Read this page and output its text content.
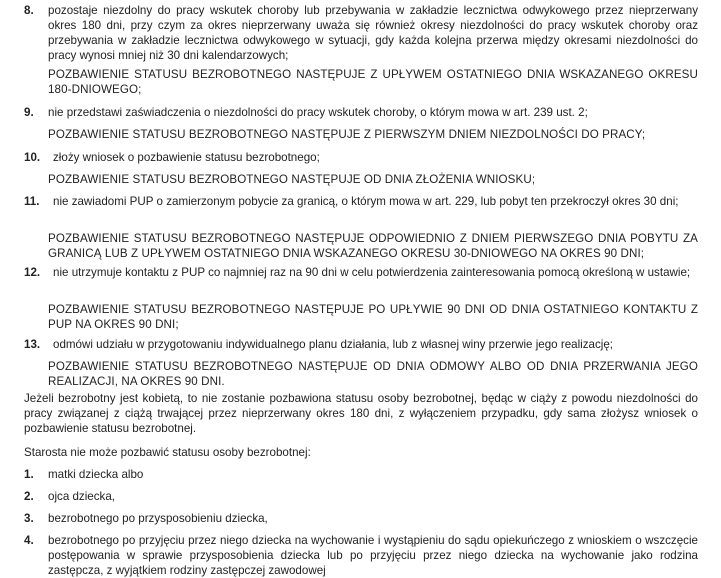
8. pozostaje niezdolny do pracy wskutek choroby lub przebywania w zakładzie lecznictwa odwykowego przez nieprzerwany okres 180 dni, przy czym za okres nieprzerwany uważa się również okresy niezdolności do pracy wskutek choroby oraz przebywania w zakładzie lecznictwa odwykowego w sytuacji, gdy każda kolejna przerwa między okresami niezdolności do pracy wynosi mniej niż 30 dni kalendarzowych;
POZBAWIENIE STATUSU BEZROBOTNEGO NASTĘPUJE Z UPŁYWEM OSTATNIEGO DNIA WSKAZANEGO OKRESU 180-DNIOWEGO;
9. nie przedstawi zaświadczenia o niezdolności do pracy wskutek choroby, o którym mowa w art. 239 ust. 2;
POZBAWIENIE STATUSU BEZROBOTNEGO NASTĘPUJE Z PIERWSZYM DNIEM NIEZDOLNOŚCI DO PRACY;
10. złoży wniosek o pozbawienie statusu bezrobotnego;
POZBAWIENIE STATUSU BEZROBOTNEGO NASTĘPUJE OD DNIA ZŁOŻENIA WNIOSKU;
11. nie zawiadomi PUP o zamierzonym pobycie za granicą, o którym mowa w art. 229, lub pobyt ten przekroczył okres 30 dni;
POZBAWIENIE STATUSU BEZROBOTNEGO NASTĘPUJE ODPOWIEDNIO Z DNIEM PIERWSZEGO DNIA POBYTU ZA GRANICĄ LUB Z UPŁYWEM OSTATNIEGO DNIA WSKAZANEGO OKRESU 30-DNIOWEGO NA OKRES 90 DNI;
12. nie utrzymuje kontaktu z PUP co najmniej raz na 90 dni w celu potwierdzenia zainteresowania pomocą określoną w ustawie;
POZBAWIENIE STATUSU BEZROBOTNEGO NASTĘPUJE PO UPŁYWIE 90 DNI OD DNIA OSTATNIEGO KONTAKTU Z PUP NA OKRES 90 DNI;
13. odmówi udziału w przygotowaniu indywidualnego planu działania, lub z własnej winy przerwie jego realizację;
POZBAWIENIE STATUSU BEZROBOTNEGO NASTĘPUJE OD DNIA ODMOWY ALBO OD DNIA PRZERWANIA JEGO REALIZACJI, NA OKRES 90 DNI.
Jeżeli bezrobotny jest kobietą, to nie zostanie pozbawiona statusu osoby bezrobotnej, będąc w ciąży z powodu niezdolności do pracy związanej z ciążą trwającej przez nieprzerwany okres 180 dni, z wyłączeniem przypadku, gdy sama złożysz wniosek o pozbawienie statusu bezrobotnej.
Starosta nie może pozbawić statusu osoby bezrobotnej:
1. matki dziecka albo
2. ojca dziecka,
3. bezrobotnego po przysposobieniu dziecka,
4. bezrobotnego po przyjęciu przez niego dziecka na wychowanie i wystąpieniu do sądu opiekuńczego z wnioskiem o wszczęcie postępowania w sprawie przysposobienia dziecka lub po przyjęciu przez niego dziecka na wychowanie jako rodzina zastępcza, z wyjątkiem rodziny zastępczej zawodowej
